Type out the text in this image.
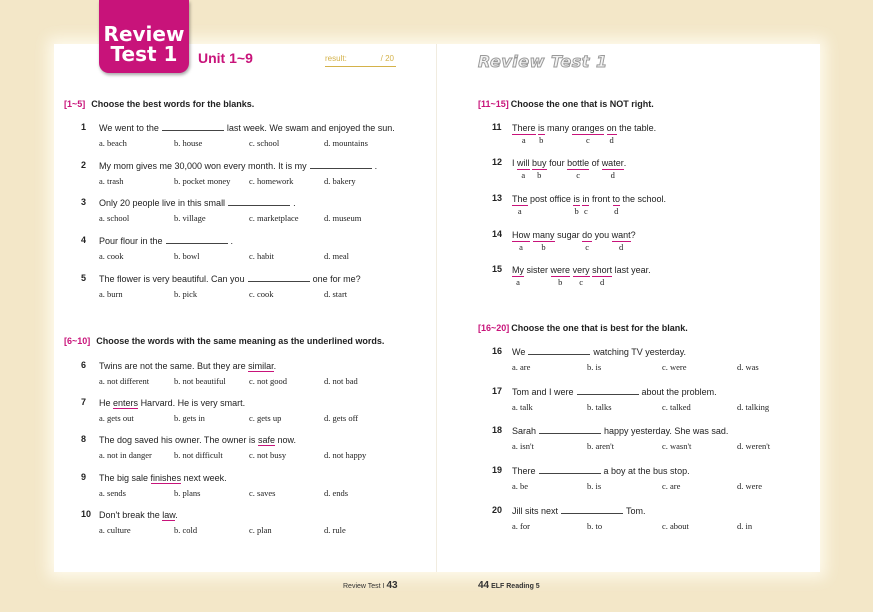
Review
Test 1	Unit 1~9	result:	/ 20	Review Test 1
[1~5] Choose the best words for the blanks.
[6~10] Choose the words with the same meaning as the underlined words.
[11~15] Choose the one that is NOT right.
[16~20] Choose the one that is best for the blank.
1 We went to the	last week. We swam and enjoyed the sun.
a. beach	b. house	c. school	d. mountains
2 My mom gives me 30,000 won every month. It is my	.
a. trash	b. pocket money c. homework	d. bakery
3 Only 20 people live in this small	.
a. school	b. village	c. marketplace	d. museum
4 Pour flour in the	.
a. cook	b. bowl	c. habit	d. meal
5 The flower is very beautiful. Can you	one for me?
a. burn	b. pick	c. cook	d. start
6 Twins are not the same. But they are similar.
a. not different	b. not beautiful	c. not good	d. not bad
7 He enters Harvard. He is very smart.
a. gets out	b. gets in	c. gets up	d. gets off
8 The dog saved his owner. The owner is safe now.
a. not in danger	b. not difficult	c. not busy	d. not happy
9 The big sale finishes next week.
a. sends	b. plans	c. saves	d. ends
10 Don't break the law.
a. culture	b. cold	c. plan	d. rule
11 There
a
is
b
many oranges
c
on
d
the table.
12 I will
a
buy
b
four bottle
c
of water
d
.
13 The
a
post office is
b
in
c
front to
d
the school.
14 How
a
many
b
sugar do
c
you want
d
?
15 My
a
sister were
b
very
c
short
d
last year.
16 We	watching TV yesterday.
a. are	b. is	c. were	d. was
17 Tom and I were	about the problem.
a. talk	b. talks	c. talked	d. talking
18 Sarah	happy yesterday. She was sad.
a. isn't	b. aren't	c. wasn't	d. weren't
19 There	a boy at the bus stop.
a. be	b. is	c. are	d. were
20 Jill sits next	Tom.
a. for	b. to	c. about	d. in
Review Test I 43	44 ELF Reading 5
